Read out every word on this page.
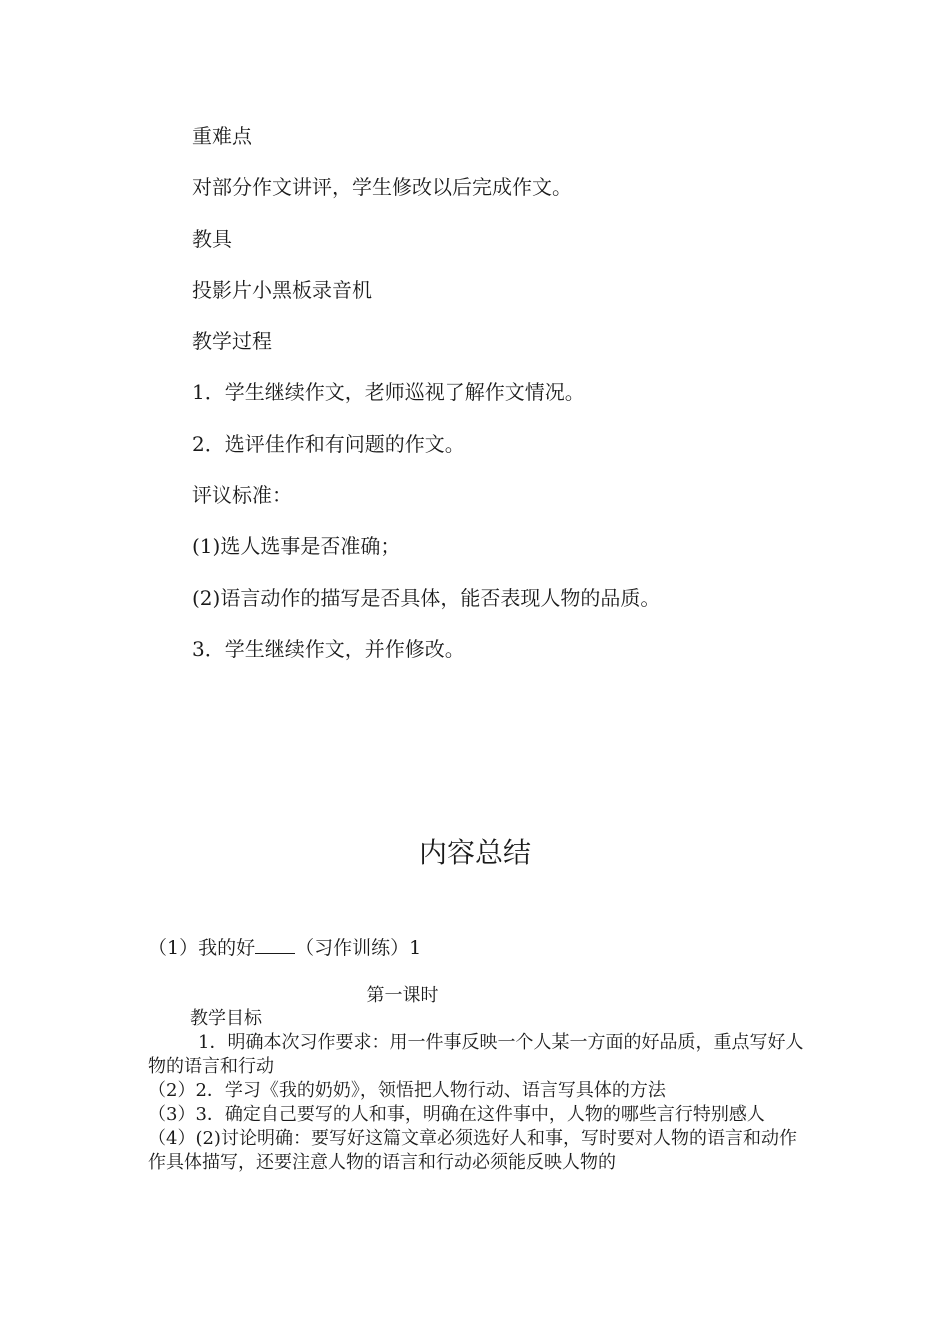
重难点
对部分作文讲评，学生修改以后完成作文。
教具
投影片小黑板录音机
教学过程
1．学生继续作文，老师巡视了解作文情况。
2．选评佳作和有问题的作文。
评议标准：
(1)选人选事是否准确；
(2)语言动作的描写是否具体，能否表现人物的品质。
3．学生继续作文，并作修改。
内容总结
（1）我的好 （习作训练）1
第一课时

教学目标

1．明确本次习作要求：用一件事反映一个人某一方面的好品质，重点写好人物的语言和行动

（2）2．学习《我的奶奶》，领悟把人物行动、语言写具体的方法

（3）3．确定自己要写的人和事，明确在这件事中，人物的哪些言行特别感人

（4）(2)讨论明确：要写好这篇文章必须选好人和事，写时要对人物的语言和动作作具体描写，还要注意人物的语言和行动必须能反映人物的
